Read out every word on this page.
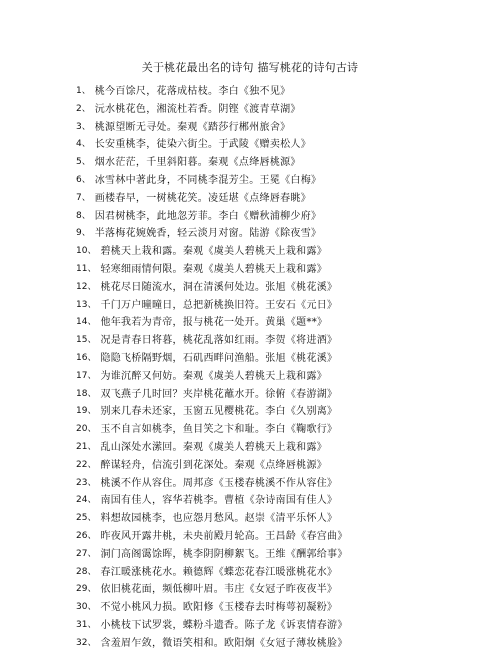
关于桃花最出名的诗句 描写桃花的诗句古诗
1、 桃今百馀尺，花落成枯枝。李白《独不见》
2、 沅水桃花色，湘流杜若香。阴铿《渡青草湖》
3、 桃源望断无寻处。秦观《踏莎行郴州旅舍》
4、 长安重桃李，徒染六街尘。于武陵《赠卖松人》
5、 烟水茫茫，千里斜阳暮。秦观《点绛唇桃源》
6、 冰雪林中著此身，不同桃李混芳尘。王冕《白梅》
7、 画楼春早，一树桃花笑。凌廷堪《点绛唇春眺》
8、 因君树桃李，此地忽芳菲。李白《赠秋浦柳少府》
9、 半落梅花婉娩香，轻云淡月对窗。陆游《除夜雪》
10、 碧桃天上栽和露。秦观《虞美人碧桃天上栽和露》
11、 轻寒细雨情何限。秦观《虞美人碧桃天上栽和露》
12、 桃花尽日随流水，洞在清溪何处边。张旭《桃花溪》
13、 千门万户曈曈日，总把新桃换旧符。王安石《元日》
14、 他年我若为青帝，报与桃花一处开。黄巢《题**》
15、 况是青春日将暮，桃花乱落如红雨。李贺《将进酒》
16、 隐隐飞桥隔野烟，石矶西畔问渔船。张旭《桃花溪》
17、 为谁沉醉又何妨。秦观《虞美人碧桃天上栽和露》
18、 双飞燕子几时回？夹岸桃花蘸水开。徐俯《春游湖》
19、 别来几春未还家，玉窗五见樱桃花。李白《久别离》
20、 玉不自言如桃李，鱼目笑之卞和耻。李白《鞠歌行》
21、 乱山深处水潆回。秦观《虞美人碧桃天上栽和露》
22、 醉谋轻舟，信流引到花深处。秦观《点绛唇桃源》
23、 桃溪不作从容住。周邦彦《玉楼春桃溪不作从容住》
24、 南国有佳人，容华若桃李。曹植《杂诗南国有佳人》
25、 料想故园桃李，也应怨月愁风。赵崇《清平乐怀人》
26、 昨夜风开露井桃，未央前殿月轮高。王昌龄《春宫曲》
27、 洞门高阁霭馀晖，桃李阴阴柳絮飞。王维《酬郭给事》
28、 春江暖涨桃花水。赖德辉《蝶恋花春江暖涨桃花水》
29、 依旧桃花面，频低柳叶眉。韦庄《女冠子昨夜夜半》
30、 不觉小桃风力损。欧阳修《玉楼春去时梅萼初凝粉》
31、 小桃枝下试罗裳，蝶粉斗遗香。陈子龙《诉衷情春游》
32、 含羞眉乍敛，微语笑相和。欧阳炯《女冠子薄妆桃脸》
